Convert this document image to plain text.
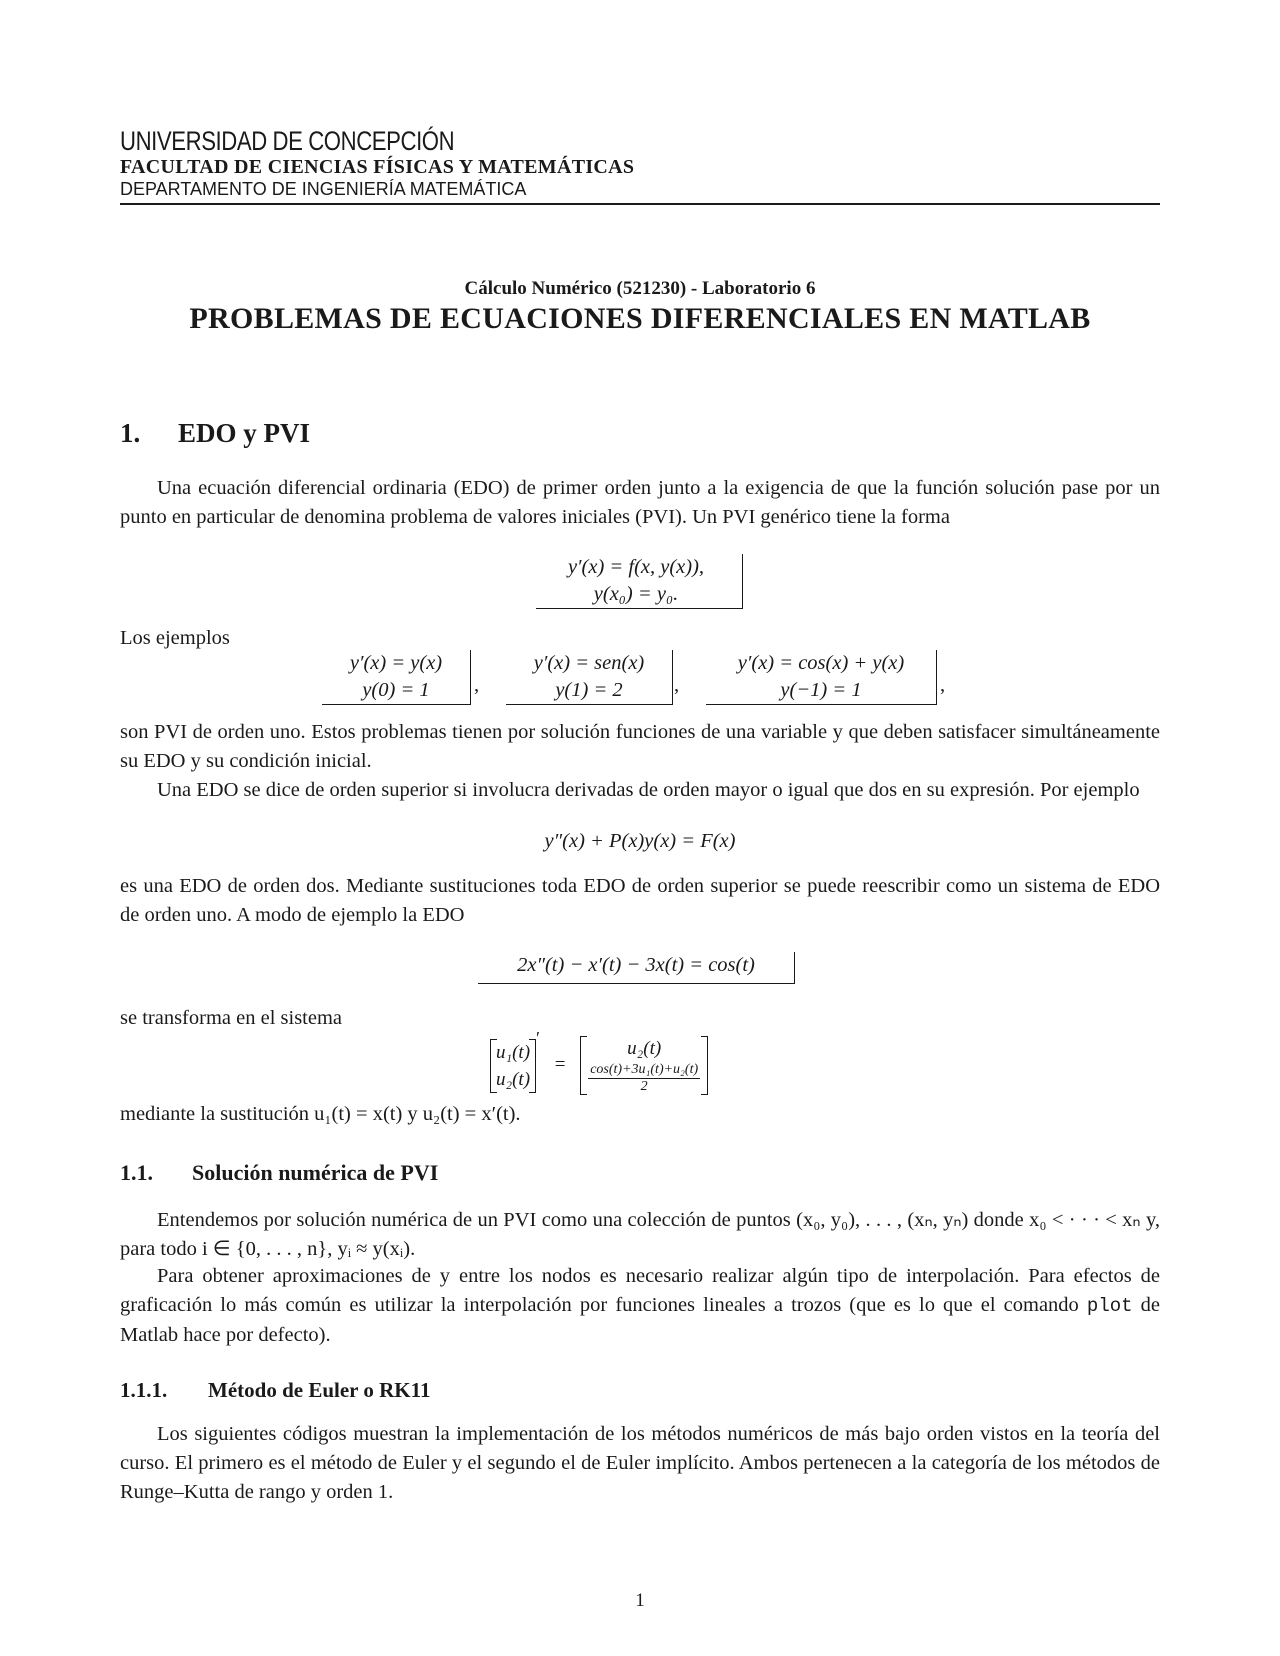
UNIVERSIDAD DE CONCEPCIÓN
FACULTAD DE CIENCIAS FÍSICAS Y MATEMÁTICAS
DEPARTAMENTO DE INGENIERÍA MATEMÁTICA
Cálculo Numérico (521230) - Laboratorio 6
PROBLEMAS DE ECUACIONES DIFERENCIALES EN MATLAB
1. EDO y PVI
Una ecuación diferencial ordinaria (EDO) de primer orden junto a la exigencia de que la función solución pase por un punto en particular de denomina problema de valores iniciales (PVI). Un PVI genérico tiene la forma
y′(x) = f(x, y(x)),
y(x₀) = y₀.
Los ejemplos
y′(x) = y(x)
y(0) = 1	,
y′(x) = sen(x)
y(1) = 2	,
y′(x) = cos(x) + y(x)
y(−1) = 1	,
son PVI de orden uno. Estos problemas tienen por solución funciones de una variable y que deben satisfacer simultáneamente su EDO y su condición inicial.
Una EDO se dice de orden superior si involucra derivadas de orden mayor o igual que dos en su expresión. Por ejemplo
y″(x) + P(x)y(x) = F(x)
es una EDO de orden dos. Mediante sustituciones toda EDO de orden superior se puede reescribir como un sistema de EDO de orden uno. A modo de ejemplo la EDO
2x″(t) − x′(t) − 3x(t) = cos(t)
se transforma en el sistema
u₁(t)
u₂(t)
′ =
u₂(t)
$\frac{\text{cos(t)+3u₁(t)+u₂(t)}}{2}$
mediante la sustitución u₁(t) = x(t) y u₂(t) = x′(t).
1.1. Solución numérica de PVI
Entendemos por solución numérica de un PVI como una colección de puntos (x₀, y₀), . . . , (xₙ, yₙ) donde x₀ < · · · < xₙ y, para todo i ∈ {0, . . . , n}, yᵢ ≈ y(xᵢ).
Para obtener aproximaciones de y entre los nodos es necesario realizar algún tipo de interpolación. Para efectos de graficación lo más común es utilizar la interpolación por funciones lineales a trozos (que es lo que el comando plot de Matlab hace por defecto).
1.1.1. Método de Euler o RK11
Los siguientes códigos muestran la implementación de los métodos numéricos de más bajo orden vistos en la teoría del curso. El primero es el método de Euler y el segundo el de Euler implícito. Ambos pertenecen a la categoría de los métodos de Runge–Kutta de rango y orden 1.
1
